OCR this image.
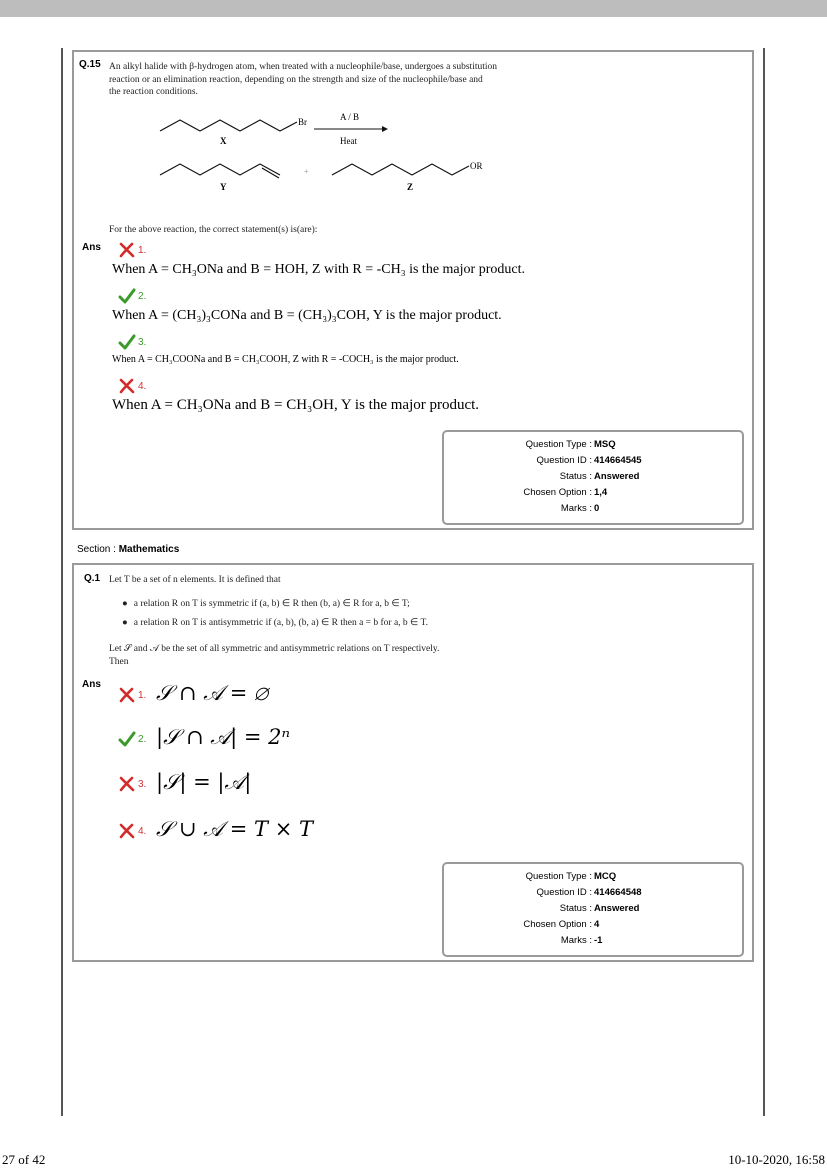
Q.15 An alkyl halide with β-hydrogen atom, when treated with a nucleophile/base, undergoes a substitution
reaction or an elimination reaction, depending on the strength and size of the nucleophile/base and
the reaction conditions.
Br
X
A / B
Heat
Y
+
OR
Z
For the above reaction, the correct statement(s) is(are):
Ans	1.
When A = CH₃ONa and B = HOH, Z with R = -CH₃ is the major product.
2.
When A = (CH₃)₃CONa and B = (CH₃)₃COH, Y is the major product.
3.
When A = CH₃COONa and B = CH₃COOH, Z with R = -COCH₃ is the major product.
4.
When A = CH₃ONa and B = CH₃OH, Y is the major product.
Question Type : MSQ
Question ID : 414664545
Status : Answered
Chosen Option : 1,4
Marks : 0
Section : Mathematics
Q.1 Let T be a set of n elements. It is defined that
● a relation R on T is symmetric if (a, b) ∈ R then (b, a) ∈ R for a, b ∈ T;
● a relation R on T is antisymmetric if (a, b), (b, a) ∈ R then a = b for a, b ∈ T.
Let 𝒮 and 𝒜 be the set of all symmetric and antisymmetric relations on T respectively.
Then
Ans
1. 𝒮 ∩ 𝒜 = ∅
2. |𝒮 ∩ 𝒜| = 2ⁿ
3. |𝒮| = |𝒜|
4. 𝒮 ∪ 𝒜 = T × T
Question Type : MCQ
Question ID : 414664548
Status : Answered
Chosen Option : 4
Marks : -1
27 of 42	10-10-2020, 16:58
